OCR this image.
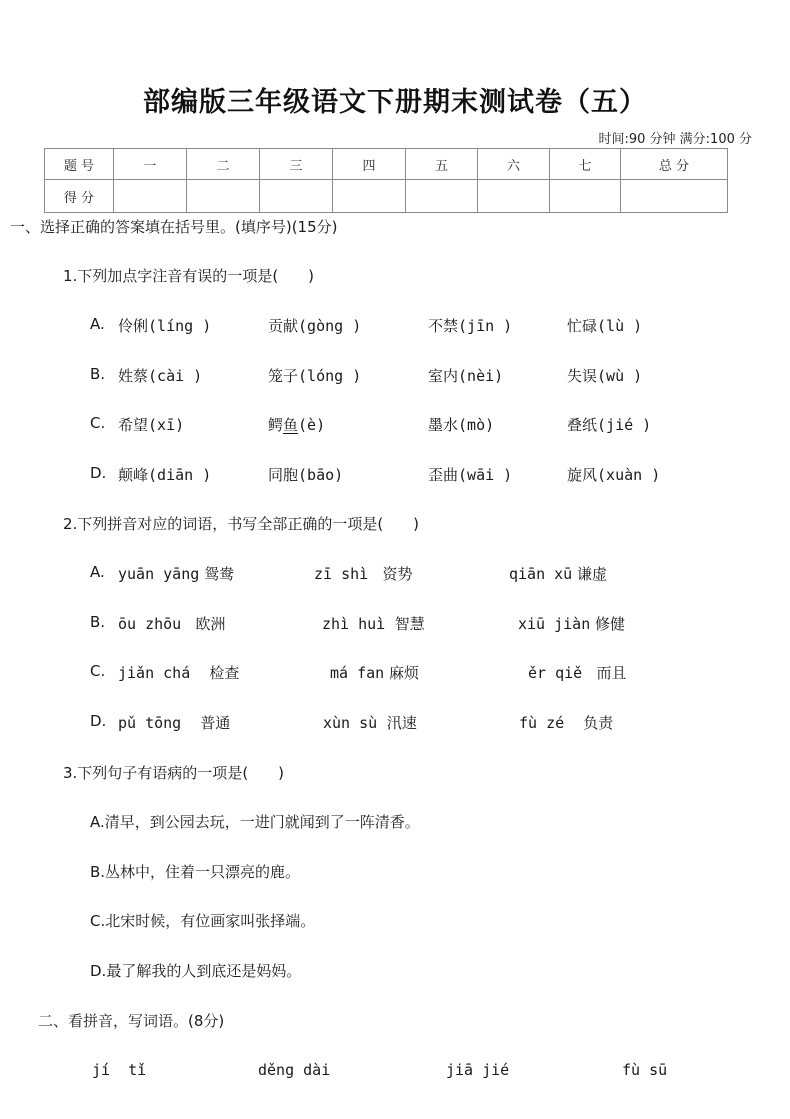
部编版三年级语文下册期末测试卷（五）
时间:90 分钟 满分:100 分
题 号	一	二	三	四	五	六	七	总 分
得 分								
一、选择正确的答案填在括号里。(填序号)(15分)
1.下列加点字注音有误的一项是( )
A. 伶俐(líng )	贡献(gòng )	不禁(jīn )	忙碌(lù )
B. 姓蔡(cài )	笼子(lóng )	室内(nèi)	失误(wù )
C. 希望(xī)	鳄鱼(è)	墨水(mò)	叠纸(jié )
D. 颠峰(diān )	同胞(bāo)	歪曲(wāi )	旋风(xuàn )
2.下列拼音对应的词语，书写全部正确的一项是( )
A. yuān yāng 鸳鸯	zī shì 资势	qiān xū 谦虚
B. ōu zhōu 欧洲	zhì huì 智慧	xiū jiàn 修健
C. jiǎn chá 检查	má fan 麻烦	ěr qiě 而且
D. pǔ tōng 普通	xùn sù 汛速	fù zé 负责
3.下列句子有语病的一项是( )
A.清早，到公园去玩，一进门就闻到了一阵清香。
B.丛林中，住着一只漂亮的鹿。
C.北宋时候，有位画家叫张择端。
D.最了解我的人到底还是妈妈。
二、看拼音，写词语。(8分)
jí  tǐ	děng dài	jiā jié	fù sū
